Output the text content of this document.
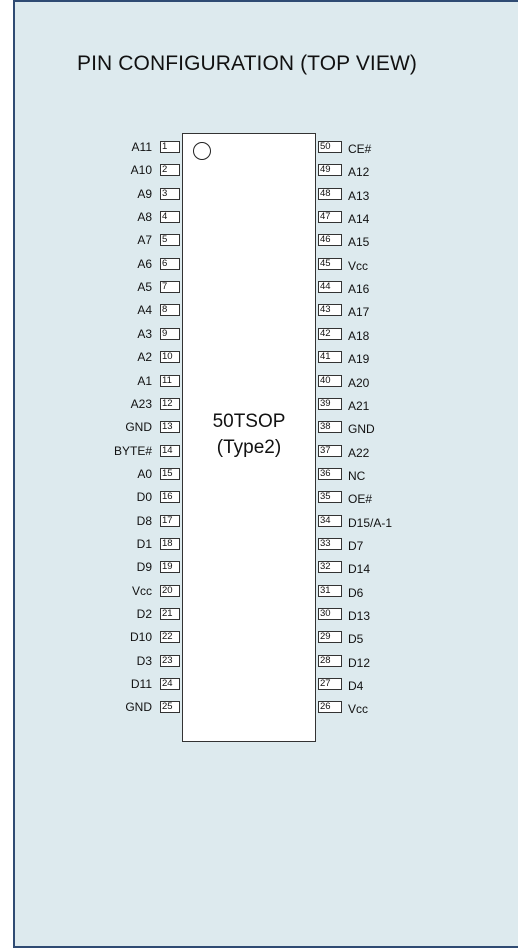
PIN CONFIGURATION (TOP VIEW)
50TSOP
(Type2)
A11 1
A10 2
A9 3
A8 4
A7 5
A6 6
A5 7
A4 8
A3 9
A2 10
A1 11
A23 12
GND 13
BYTE# 14
A0 15
D0 16
D8 17
D1 18
D9 19
Vcc 20
D2 21
D10 22
D3 23
D11 24
GND 25
50	CE#
49	A12
48	A13
47	A14
46	A15
45	Vcc
44	A16
43	A17
42	A18
41	A19
40	A20
39	A21
38	GND
37	A22
36	NC
35	OE#
34	D15/A-1
33	D7
32	D14
31	D6
30	D13
29	D5
28	D12
27	D4
26	Vcc
